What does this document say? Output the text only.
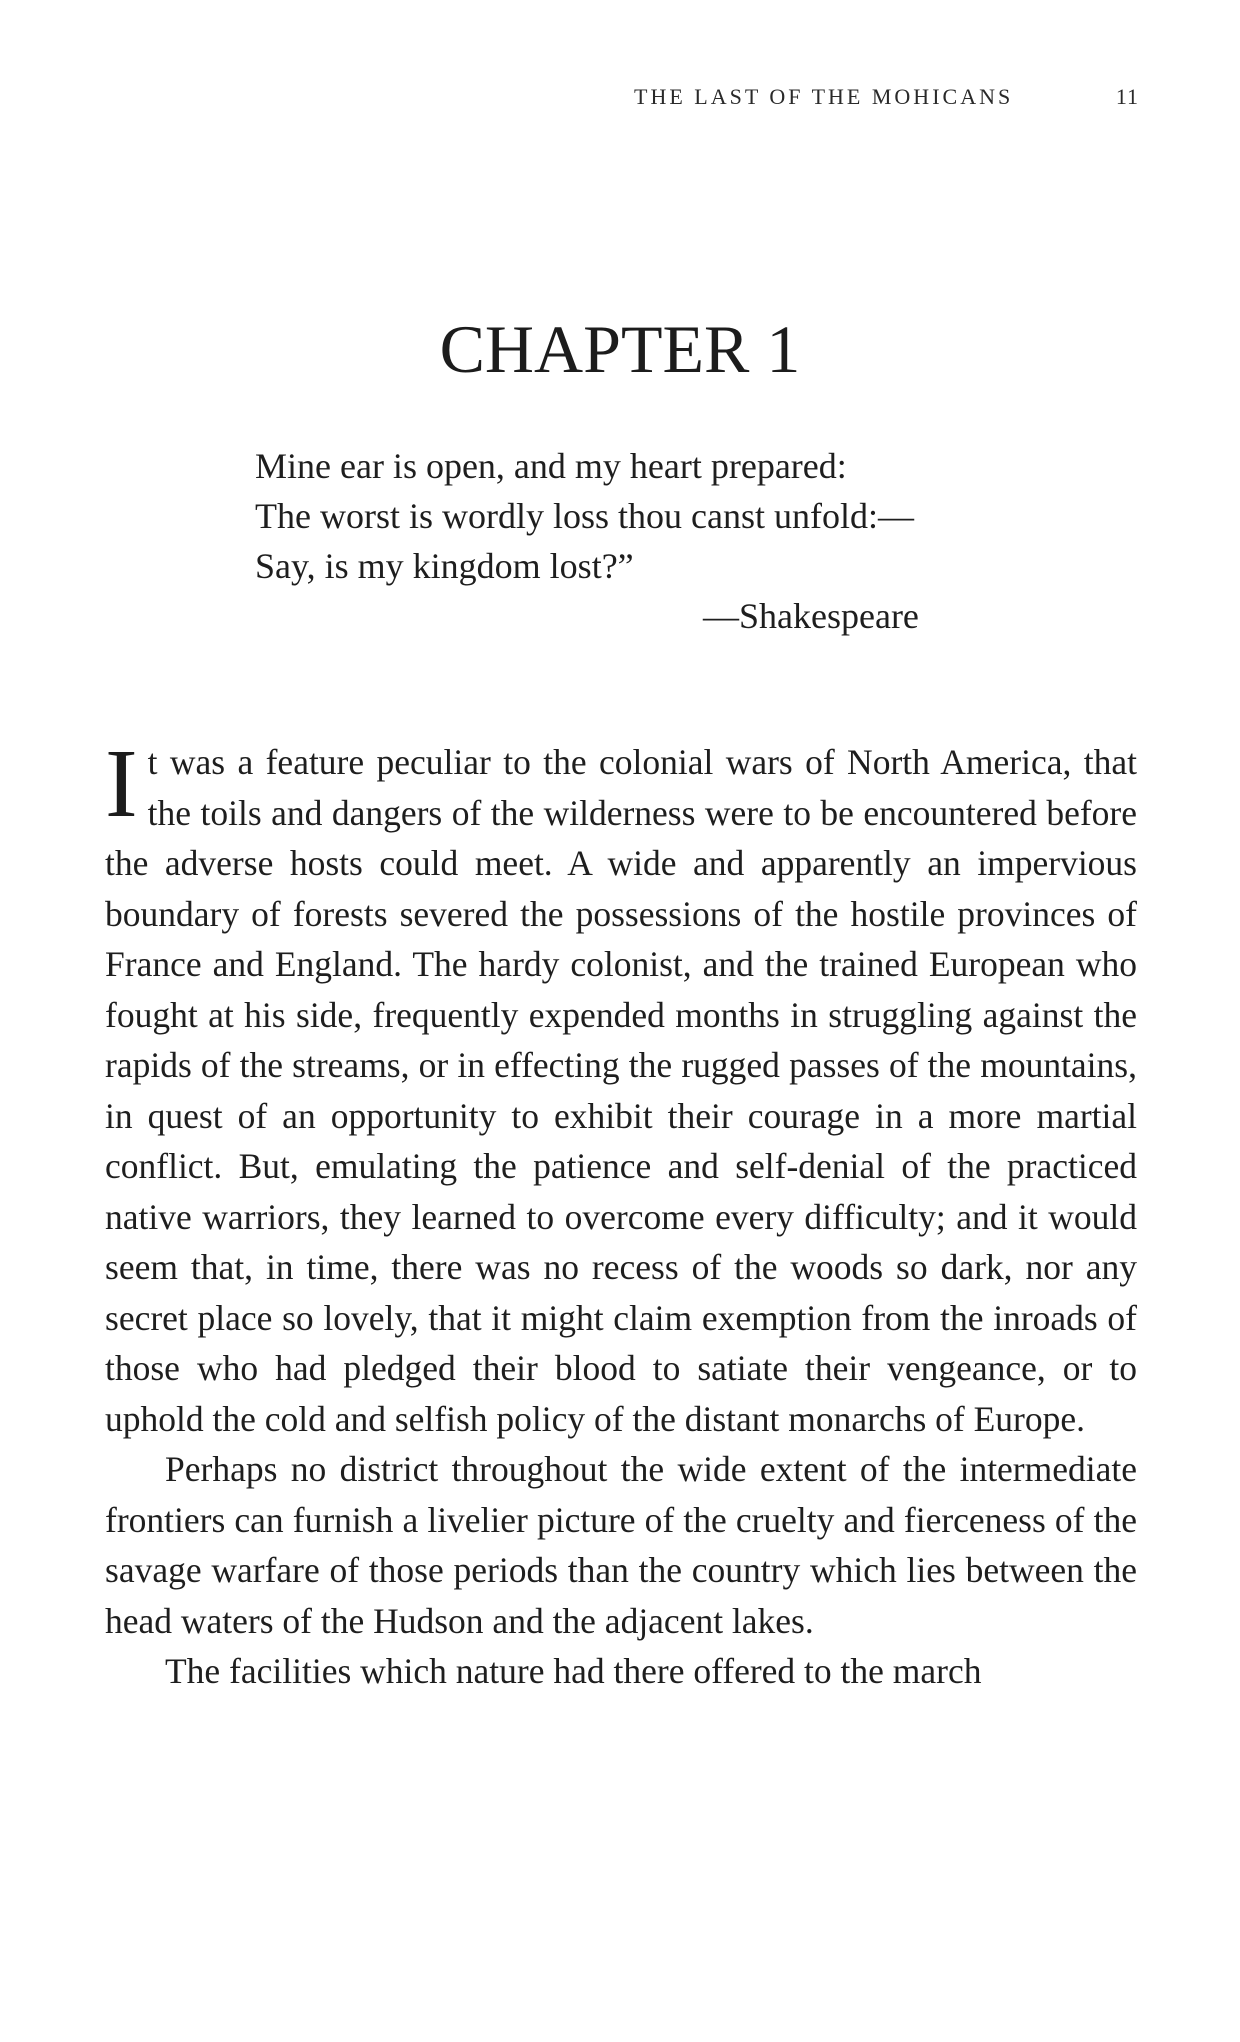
THE LAST OF THE MOHICANS	11
CHAPTER 1
Mine ear is open, and my heart prepared:
The worst is wordly loss thou canst unfold:—
Say, is my kingdom lost?”
—Shakespeare

It was a feature peculiar to the colonial wars of North America, that the toils and dangers of the wilderness were to be encountered before the adverse hosts could meet. A wide and apparently an impervious boundary of forests severed the possessions of the hostile provinces of France and England. The hardy colonist, and the trained European who fought at his side, frequently expended months in struggling against the rapids of the streams, or in effecting the rugged passes of the mountains, in quest of an opportunity to exhibit their courage in a more martial conflict. But, emulating the patience and self-denial of the practiced native warriors, they learned to overcome every difficulty; and it would seem that, in time, there was no recess of the woods so dark, nor any secret place so lovely, that it might claim exemption from the inroads of those who had pledged their blood to satiate their vengeance, or to uphold the cold and selfish policy of the distant monarchs of Europe.

Perhaps no district throughout the wide extent of the intermediate frontiers can furnish a livelier picture of the cruelty and fierceness of the savage warfare of those periods than the country which lies between the head waters of the Hudson and the adjacent lakes.

The facilities which nature had there offered to the march
